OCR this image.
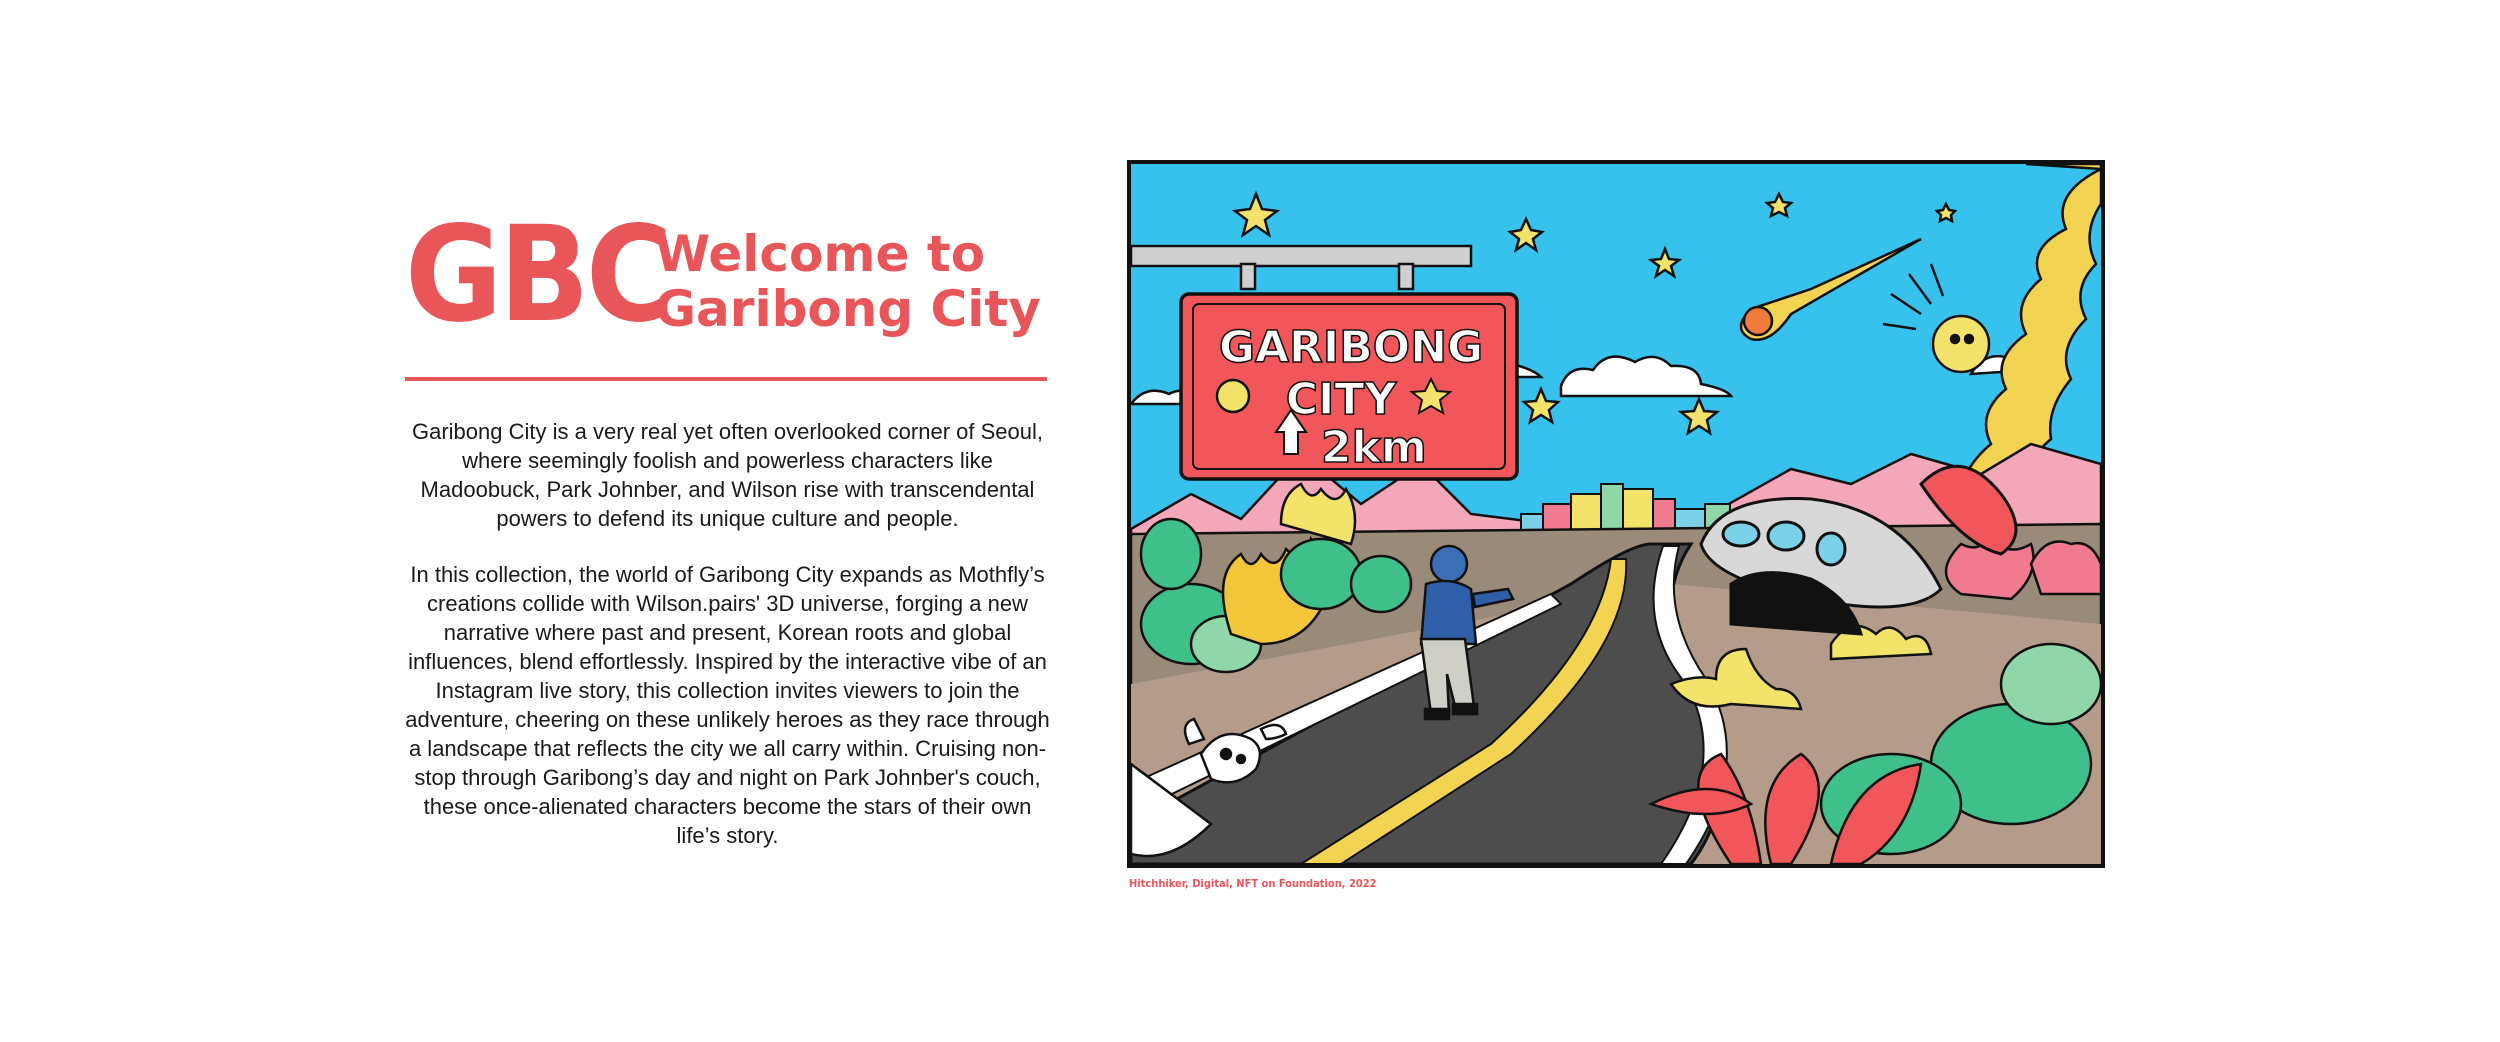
GBC
Welcome to
Garibong City

Garibong City is a very real yet often overlooked corner of Seoul, where seemingly foolish and powerless characters like Madoobuck, Park Johnber, and Wilson rise with transcendental powers to defend its unique culture and people.

In this collection, the world of Garibong City expands as Mothfly’s creations collide with Wilson.pairs' 3D universe, forging a new narrative where past and present, Korean roots and global influences, blend effortlessly. Inspired by the interactive vibe of an Instagram live story, this collection invites viewers to join the adventure, cheering on these unlikely heroes as they race through a landscape that reflects the city we all carry within. Cruising non-stop through Garibong’s day and night on Park Johnber's couch, these once-alienated characters become the stars of their own life’s story.

GARIBONG
CITY
2km
Hitchhiker, Digital, NFT on Foundation, 2022
